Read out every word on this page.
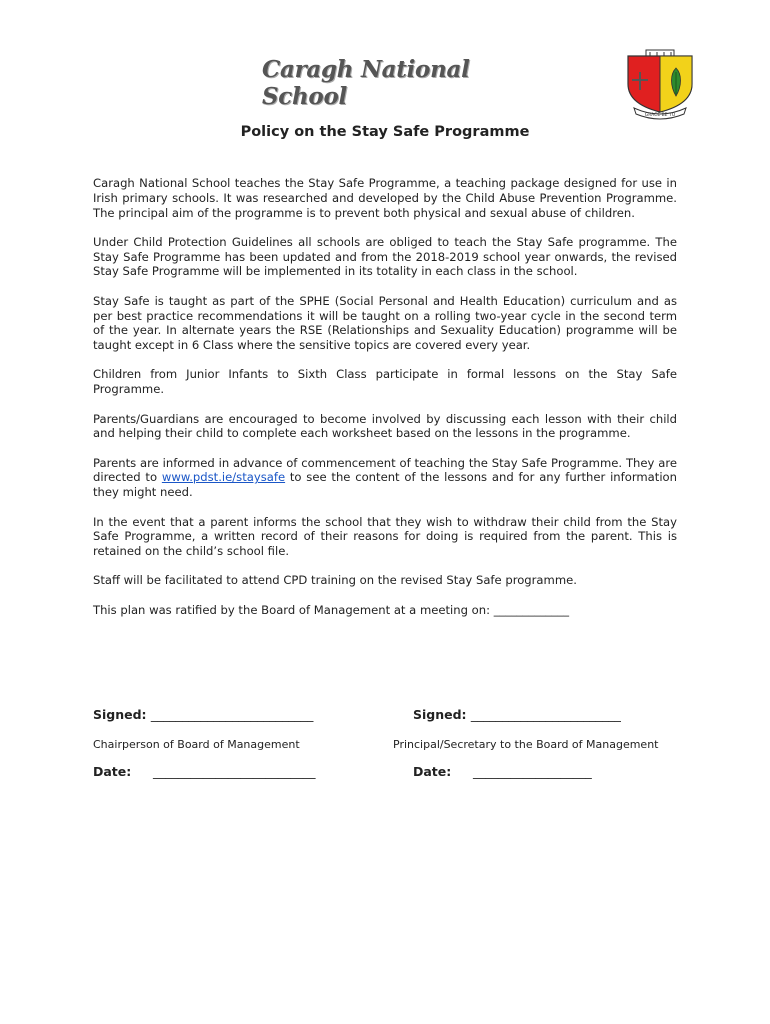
Caragh National School
GRACE BE TO
Policy on the Stay Safe Programme

Caragh National School teaches the Stay Safe Programme, a teaching package designed for use in Irish primary schools. It was researched and developed by the Child Abuse Prevention Programme. The principal aim of the programme is to prevent both physical and sexual abuse of children.

Under Child Protection Guidelines all schools are obliged to teach the Stay Safe programme. The Stay Safe Programme has been updated and from the 2018-2019 school year onwards, the revised Stay Safe Programme will be implemented in its totality in each class in the school.

Stay Safe is taught as part of the SPHE (Social Personal and Health Education) curriculum and as per best practice recommendations it will be taught on a rolling two-year cycle in the second term of the year. In alternate years the RSE (Relationships and Sexuality Education) programme will be taught except in 6 Class where the sensitive topics are covered every year.

Children from Junior Infants to Sixth Class participate in formal lessons on the Stay Safe Programme.

Parents/Guardians are encouraged to become involved by discussing each lesson with their child and helping their child to complete each worksheet based on the lessons in the programme.

Parents are informed in advance of commencement of teaching the Stay Safe Programme. They are directed to www.pdst.ie/staysafe to see the content of the lessons and for any further information they might need.

In the event that a parent informs the school that they wish to withdraw their child from the Stay Safe Programme, a written record of their reasons for doing is required from the parent. This is retained on the child’s school file.

Staff will be facilitated to attend CPD training on the revised Stay Safe programme.

This plan was ratified by the Board of Management at a meeting on: _____________

Signed: __________________________	Signed: ________________________
Chairperson of Board of Management	Principal/Secretary to the Board of Management
Date: __________________________	Date: ___________________
